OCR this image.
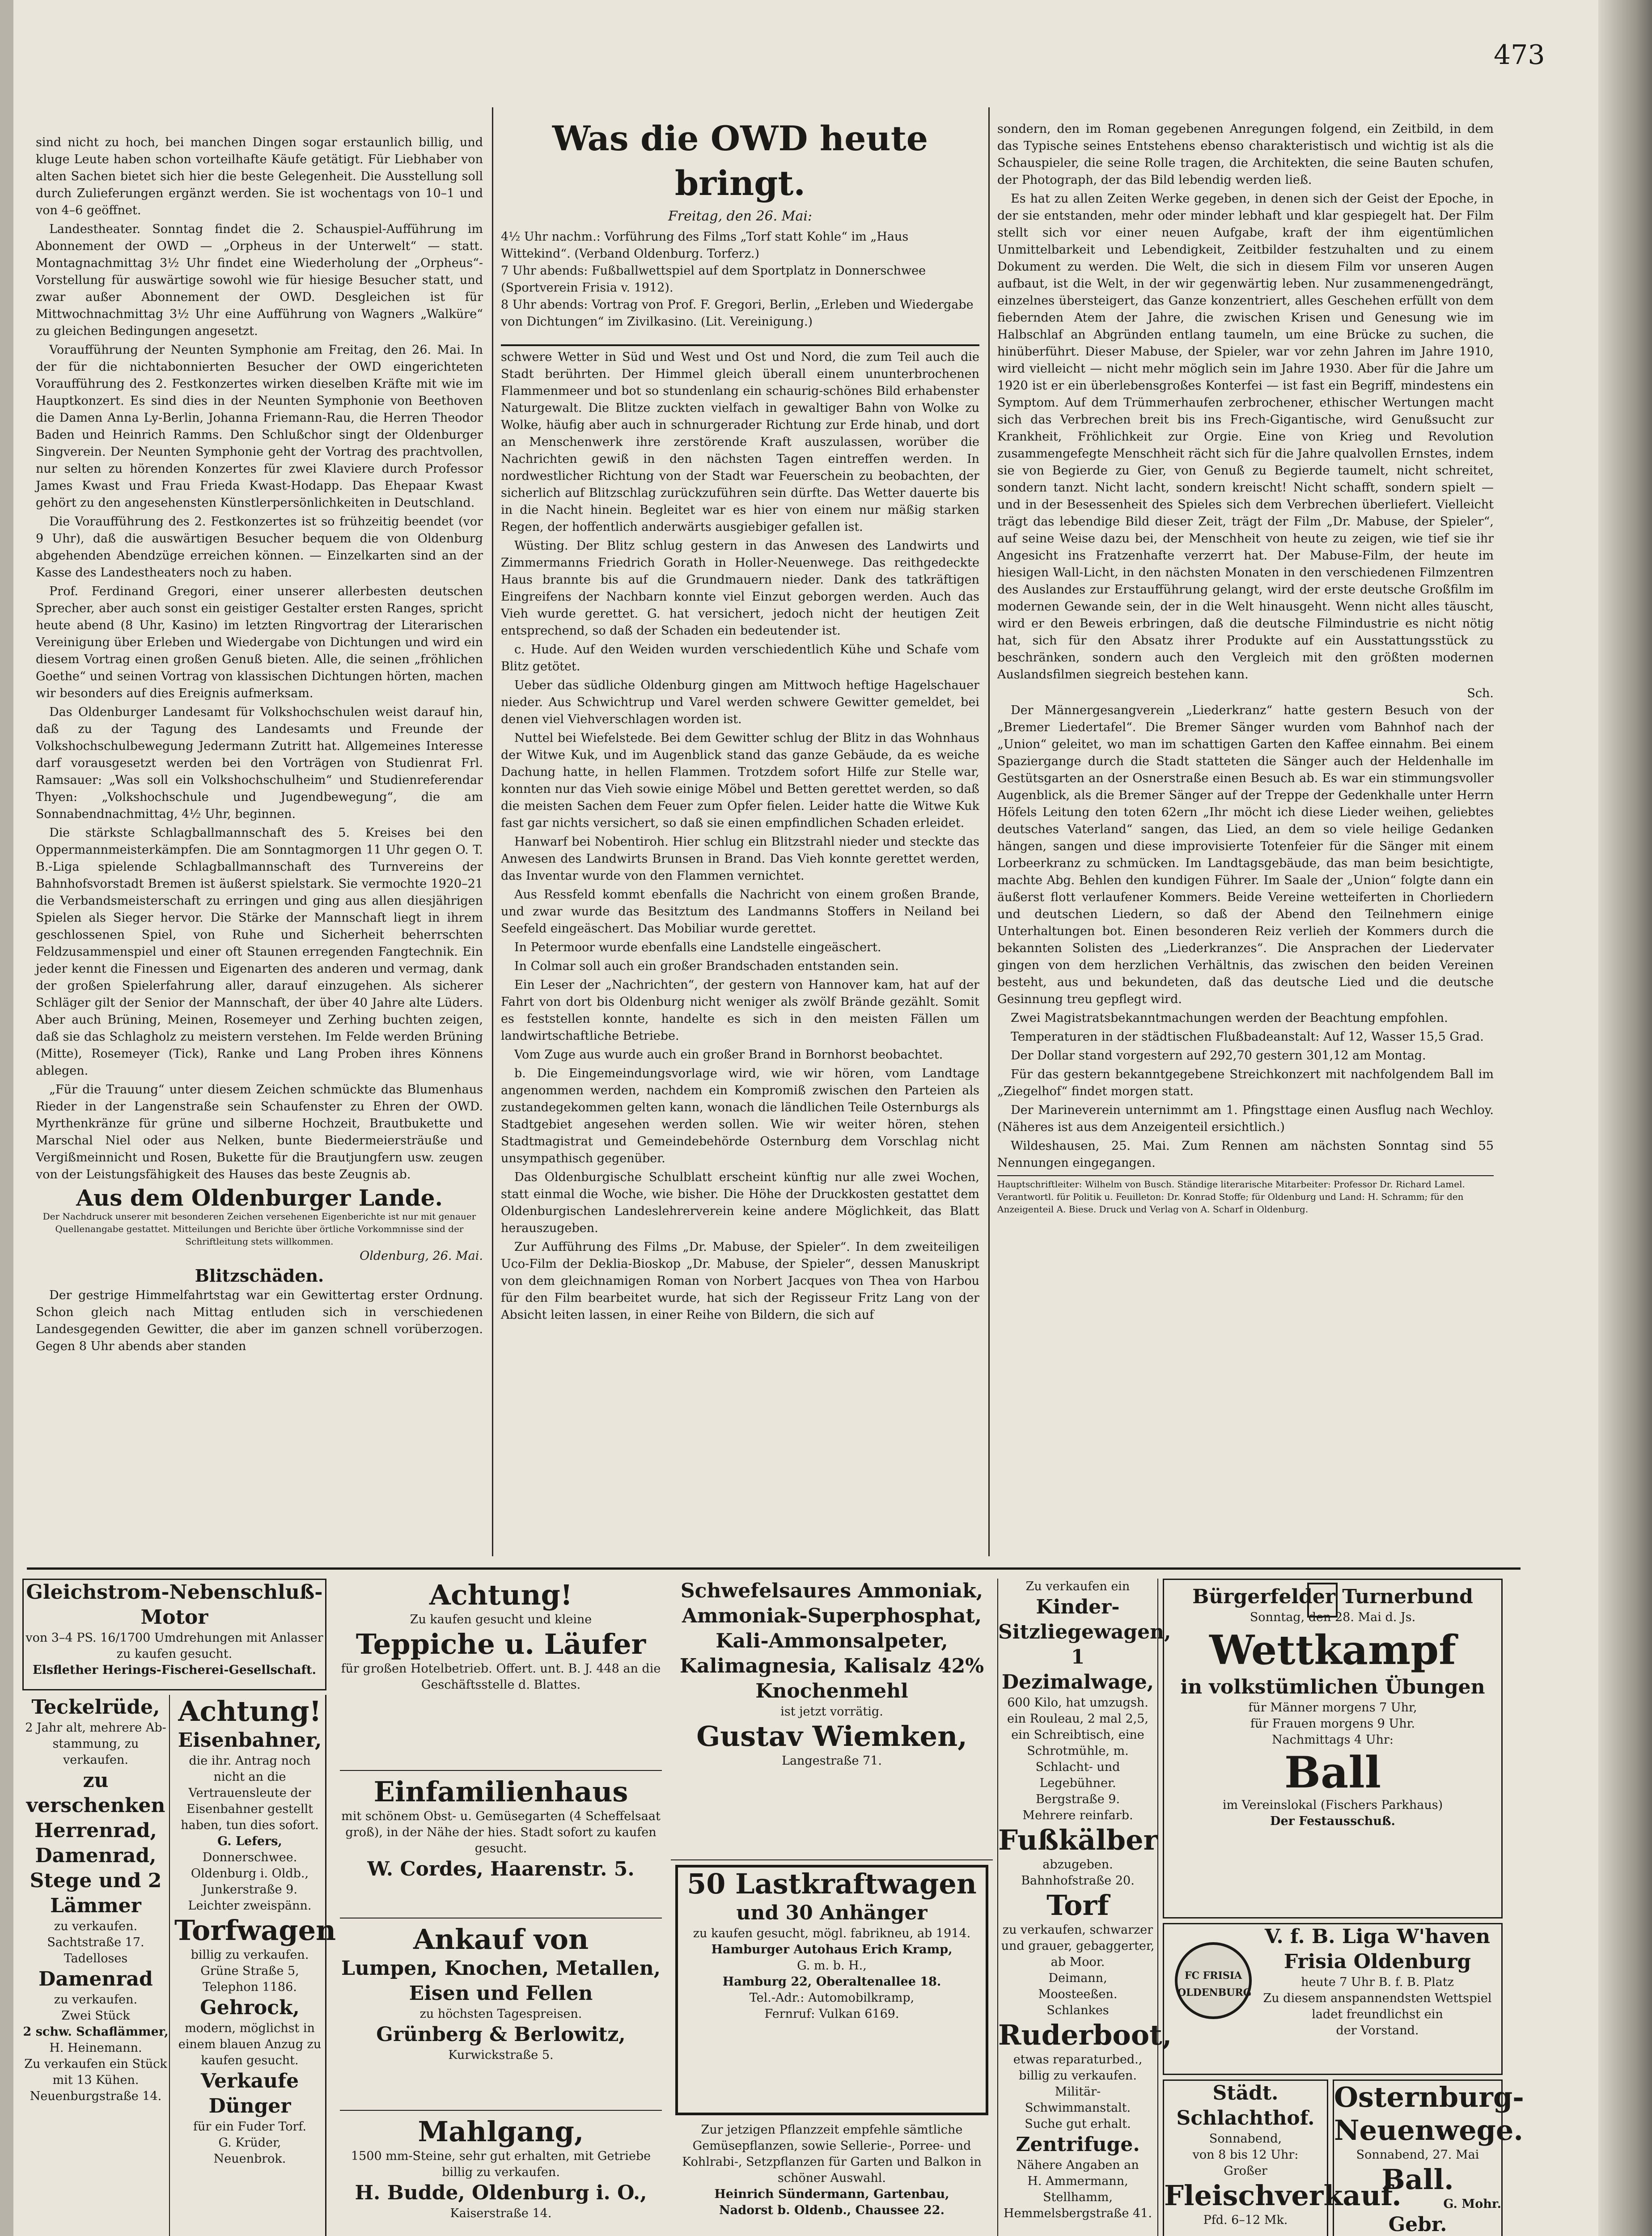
473

sind nicht zu hoch, bei manchen Dingen sogar erstaunlich billig, und kluge Leute haben schon vorteilhafte Käufe getätigt. Für Liebhaber von alten Sachen bietet sich hier die beste Gelegenheit. Die Ausstellung soll durch Zulieferungen ergänzt werden. Sie ist wochentags von 10–1 und von 4–6 geöffnet.

Landestheater. Sonntag findet die 2. Schauspiel-Aufführung im Abonnement der OWD — „Orpheus in der Unterwelt“ — statt. Montagnachmittag 3½ Uhr findet eine Wiederholung der „Orpheus“-Vorstellung für auswärtige sowohl wie für hiesige Besucher statt, und zwar außer Abonnement der OWD. Desgleichen ist für Mittwochnachmittag 3½ Uhr eine Aufführung von Wagners „Walküre“ zu gleichen Bedingungen angesetzt.

Voraufführung der Neunten Symphonie am Freitag, den 26. Mai. In der für die nichtabonnierten Besucher der OWD eingerichteten Voraufführung des 2. Festkonzertes wirken dieselben Kräfte mit wie im Hauptkonzert. Es sind dies in der Neunten Symphonie von Beethoven die Damen Anna Ly-Berlin, Johanna Friemann-Rau, die Herren Theodor Baden und Heinrich Ramms. Den Schlußchor singt der Oldenburger Singverein. Der Neunten Symphonie geht der Vortrag des prachtvollen, nur selten zu hörenden Konzertes für zwei Klaviere durch Professor James Kwast und Frau Frieda Kwast-Hodapp. Das Ehepaar Kwast gehört zu den angesehensten Künstlerpersönlichkeiten in Deutschland.

Die Voraufführung des 2. Festkonzertes ist so frühzeitig beendet (vor 9 Uhr), daß die auswärtigen Besucher bequem die von Oldenburg abgehenden Abendzüge erreichen können. — Einzelkarten sind an der Kasse des Landestheaters noch zu haben.

Prof. Ferdinand Gregori, einer unserer allerbesten deutschen Sprecher, aber auch sonst ein geistiger Gestalter ersten Ranges, spricht heute abend (8 Uhr, Kasino) im letzten Ringvortrag der Literarischen Vereinigung über Erleben und Wiedergabe von Dichtungen und wird ein diesem Vortrag einen großen Genuß bieten. Alle, die seinen „fröhlichen Goethe“ und seinen Vortrag von klassischen Dichtungen hörten, machen wir besonders auf dies Ereignis aufmerksam.

Das Oldenburger Landesamt für Volkshochschulen weist darauf hin, daß zu der Tagung des Landesamts und Freunde der Volkshochschulbewegung Jedermann Zutritt hat. Allgemeines Interesse darf vorausgesetzt werden bei den Vorträgen von Studienrat Frl. Ramsauer: „Was soll ein Volkshochschulheim“ und Studienreferendar Thyen: „Volkshochschule und Jugendbewegung“, die am Sonnabendnachmittag, 4½ Uhr, beginnen.

Die stärkste Schlagballmannschaft des 5. Kreises bei den Oppermannmeisterkämpfen. Die am Sonntagmorgen 11 Uhr gegen O. T. B.-Liga spielende Schlagballmannschaft des Turnvereins der Bahnhofsvorstadt Bremen ist äußerst spielstark. Sie vermochte 1920–21 die Verbandsmeisterschaft zu erringen und ging aus allen diesjährigen Spielen als Sieger hervor. Die Stärke der Mannschaft liegt in ihrem geschlossenen Spiel, von Ruhe und Sicherheit beherrschten Feldzusammenspiel und einer oft Staunen erregenden Fangtechnik. Ein jeder kennt die Finessen und Eigenarten des anderen und vermag, dank der großen Spielerfahrung aller, darauf einzugehen. Als sicherer Schläger gilt der Senior der Mannschaft, der über 40 Jahre alte Lüders. Aber auch Brüning, Meinen, Rosemeyer und Zerhing buchten zeigen, daß sie das Schlagholz zu meistern verstehen. Im Felde werden Brüning (Mitte), Rosemeyer (Tick), Ranke und Lang Proben ihres Könnens ablegen.

„Für die Trauung“ unter diesem Zeichen schmückte das Blumenhaus Rieder in der Langenstraße sein Schaufenster zu Ehren der OWD. Myrthenkränze für grüne und silberne Hochzeit, Brautbukette und Marschal Niel oder aus Nelken, bunte Biedermeiersträuße und Vergißmeinnicht und Rosen, Bukette für die Brautjungfern usw. zeugen von der Leistungsfähigkeit des Hauses das beste Zeugnis ab.

Aus dem Oldenburger Lande.
Der Nachdruck unserer mit besonderen Zeichen versehenen Eigenberichte ist nur mit genauer Quellenangabe gestattet. Mitteilungen und Berichte über örtliche Vorkommnisse sind der Schriftleitung stets willkommen.
Oldenburg, 26. Mai.
Blitzschäden.

Der gestrige Himmelfahrtstag war ein Gewittertag erster Ordnung. Schon gleich nach Mittag entluden sich in verschiedenen Landesgegenden Gewitter, die aber im ganzen schnell vorüberzogen. Gegen 8 Uhr abends aber standen

Was die OWD heute bringt.
Freitag, den 26. Mai:

4½ Uhr nachm.: Vorführung des Films „Torf statt Kohle“ im „Haus Wittekind“. (Verband Oldenburg. Torferz.)

7 Uhr abends: Fußballwettspiel auf dem Sportplatz in Donnerschwee (Sportverein Frisia v. 1912).

8 Uhr abends: Vortrag von Prof. F. Gregori, Berlin, „Erleben und Wiedergabe von Dichtungen“ im Zivilkasino. (Lit. Vereinigung.)

schwere Wetter in Süd und West und Ost und Nord, die zum Teil auch die Stadt berührten. Der Himmel gleich überall einem ununterbrochenen Flammenmeer und bot so stundenlang ein schaurig-schönes Bild erhabenster Naturgewalt. Die Blitze zuckten vielfach in gewaltiger Bahn von Wolke zu Wolke, häufig aber auch in schnurgerader Richtung zur Erde hinab, und dort an Menschenwerk ihre zerstörende Kraft auszulassen, worüber die Nachrichten gewiß in den nächsten Tagen eintreffen werden. In nordwestlicher Richtung von der Stadt war Feuerschein zu beobachten, der sicherlich auf Blitzschlag zurückzuführen sein dürfte. Das Wetter dauerte bis in die Nacht hinein. Begleitet war es hier von einem nur mäßig starken Regen, der hoffentlich anderwärts ausgiebiger gefallen ist.

Wüsting. Der Blitz schlug gestern in das Anwesen des Landwirts und Zimmermanns Friedrich Gorath in Holler-Neuenwege. Das reithgedeckte Haus brannte bis auf die Grundmauern nieder. Dank des tatkräftigen Eingreifens der Nachbarn konnte viel Einzut geborgen werden. Auch das Vieh wurde gerettet. G. hat versichert, jedoch nicht der heutigen Zeit entsprechend, so daß der Schaden ein bedeutender ist.

c. Hude. Auf den Weiden wurden verschiedentlich Kühe und Schafe vom Blitz getötet.

Ueber das südliche Oldenburg gingen am Mittwoch heftige Hagelschauer nieder. Aus Schwichtrup und Varel werden schwere Gewitter gemeldet, bei denen viel Viehverschlagen worden ist.

Nuttel bei Wiefelstede. Bei dem Gewitter schlug der Blitz in das Wohnhaus der Witwe Kuk, und im Augenblick stand das ganze Gebäude, da es weiche Dachung hatte, in hellen Flammen. Trotzdem sofort Hilfe zur Stelle war, konnten nur das Vieh sowie einige Möbel und Betten gerettet werden, so daß die meisten Sachen dem Feuer zum Opfer fielen. Leider hatte die Witwe Kuk fast gar nichts versichert, so daß sie einen empfindlichen Schaden erleidet.

Hanwarf bei Nobentiroh. Hier schlug ein Blitzstrahl nieder und steckte das Anwesen des Landwirts Brunsen in Brand. Das Vieh konnte gerettet werden, das Inventar wurde von den Flammen vernichtet.

Aus Ressfeld kommt ebenfalls die Nachricht von einem großen Brande, und zwar wurde das Besitztum des Landmanns Stoffers in Neiland bei Seefeld eingeäschert. Das Mobiliar wurde gerettet.

In Petermoor wurde ebenfalls eine Landstelle eingeäschert.

In Colmar soll auch ein großer Brandschaden entstanden sein.

Ein Leser der „Nachrichten“, der gestern von Hannover kam, hat auf der Fahrt von dort bis Oldenburg nicht weniger als zwölf Brände gezählt. Somit es feststellen konnte, handelte es sich in den meisten Fällen um landwirtschaftliche Betriebe.

Vom Zuge aus wurde auch ein großer Brand in Bornhorst beobachtet.

b. Die Eingemeindungsvorlage wird, wie wir hören, vom Landtage angenommen werden, nachdem ein Kompromiß zwischen den Parteien als zustandegekommen gelten kann, wonach die ländlichen Teile Osternburgs als Stadtgebiet angesehen werden sollen. Wie wir weiter hören, stehen Stadtmagistrat und Gemeindebehörde Osternburg dem Vorschlag nicht unsympathisch gegenüber.

Das Oldenburgische Schulblatt erscheint künftig nur alle zwei Wochen, statt einmal die Woche, wie bisher. Die Höhe der Druckkosten gestattet dem Oldenburgischen Landeslehrerverein keine andere Möglichkeit, das Blatt herauszugeben.

Zur Aufführung des Films „Dr. Mabuse, der Spieler“. In dem zweiteiligen Uco-Film der Deklia-Bioskop „Dr. Mabuse, der Spieler“, dessen Manuskript von dem gleichnamigen Roman von Norbert Jacques von Thea von Harbou für den Film bearbeitet wurde, hat sich der Regisseur Fritz Lang von der Absicht leiten lassen, in einer Reihe von Bildern, die sich auf

sondern, den im Roman gegebenen Anregungen folgend, ein Zeitbild, in dem das Typische seines Entstehens ebenso charakteristisch und wichtig ist als die Schauspieler, die seine Rolle tragen, die Architekten, die seine Bauten schufen, der Photograph, der das Bild lebendig werden ließ.

Es hat zu allen Zeiten Werke gegeben, in denen sich der Geist der Epoche, in der sie entstanden, mehr oder minder lebhaft und klar gespiegelt hat. Der Film stellt sich vor einer neuen Aufgabe, kraft der ihm eigentümlichen Unmittelbarkeit und Lebendigkeit, Zeitbilder festzuhalten und zu einem Dokument zu werden. Die Welt, die sich in diesem Film vor unseren Augen aufbaut, ist die Welt, in der wir gegenwärtig leben. Nur zusammenengedrängt, einzelnes übersteigert, das Ganze konzentriert, alles Geschehen erfüllt von dem fiebernden Atem der Jahre, die zwischen Krisen und Genesung wie im Halbschlaf an Abgründen entlang taumeln, um eine Brücke zu suchen, die hinüberführt. Dieser Mabuse, der Spieler, war vor zehn Jahren im Jahre 1910, wird vielleicht — nicht mehr möglich sein im Jahre 1930. Aber für die Jahre um 1920 ist er ein überlebensgroßes Konterfei — ist fast ein Begriff, mindestens ein Symptom. Auf dem Trümmerhaufen zerbrochener, ethischer Wertungen macht sich das Verbrechen breit bis ins Frech-Gigantische, wird Genußsucht zur Krankheit, Fröhlichkeit zur Orgie. Eine von Krieg und Revolution zusammengefegte Menschheit rächt sich für die Jahre qualvollen Ernstes, indem sie von Begierde zu Gier, von Genuß zu Begierde taumelt, nicht schreitet, sondern tanzt. Nicht lacht, sondern kreischt! Nicht schafft, sondern spielt — und in der Besessenheit des Spieles sich dem Verbrechen überliefert. Vielleicht trägt das lebendige Bild dieser Zeit, trägt der Film „Dr. Mabuse, der Spieler“, auf seine Weise dazu bei, der Menschheit von heute zu zeigen, wie tief sie ihr Angesicht ins Fratzenhafte verzerrt hat. Der Mabuse-Film, der heute im hiesigen Wall-Licht, in den nächsten Monaten in den verschiedenen Filmzentren des Auslandes zur Erstaufführung gelangt, wird der erste deutsche Großfilm im modernen Gewande sein, der in die Welt hinausgeht. Wenn nicht alles täuscht, wird er den Beweis erbringen, daß die deutsche Filmindustrie es nicht nötig hat, sich für den Absatz ihrer Produkte auf ein Ausstattungsstück zu beschränken, sondern auch den Vergleich mit den größten modernen Auslandsfilmen siegreich bestehen kann.

Sch.

Der Männergesangverein „Liederkranz“ hatte gestern Besuch von der „Bremer Liedertafel“. Die Bremer Sänger wurden vom Bahnhof nach der „Union“ geleitet, wo man im schattigen Garten den Kaffee einnahm. Bei einem Spaziergange durch die Stadt statteten die Sänger auch der Heldenhalle im Gestütsgarten an der Osnerstraße einen Besuch ab. Es war ein stimmungsvoller Augenblick, als die Bremer Sänger auf der Treppe der Gedenkhalle unter Herrn Höfels Leitung den toten 62ern „Ihr möcht ich diese Lieder weihen, geliebtes deutsches Vaterland“ sangen, das Lied, an dem so viele heilige Gedanken hängen, sangen und diese improvisierte Totenfeier für die Sänger mit einem Lorbeerkranz zu schmücken. Im Landtagsgebäude, das man beim besichtigte, machte Abg. Behlen den kundigen Führer. Im Saale der „Union“ folgte dann ein äußerst flott verlaufener Kommers. Beide Vereine wetteiferten in Chorliedern und deutschen Liedern, so daß der Abend den Teilnehmern einige Unterhaltungen bot. Einen besonderen Reiz verlieh der Kommers durch die bekannten Solisten des „Liederkranzes“. Die Ansprachen der Liedervater gingen von dem herzlichen Verhältnis, das zwischen den beiden Vereinen besteht, aus und bekundeten, daß das deutsche Lied und die deutsche Gesinnung treu gepflegt wird.

Zwei Magistratsbekanntmachungen werden der Beachtung empfohlen.

Temperaturen in der städtischen Flußbadeanstalt: Auf 12, Wasser 15,5 Grad.

Der Dollar stand vorgestern auf 292,70 gestern 301,12 am Montag.

Für das gestern bekanntgegebene Streichkonzert mit nachfolgendem Ball im „Ziegelhof“ findet morgen statt.

Der Marineverein unternimmt am 1. Pfingsttage einen Ausflug nach Wechloy. (Näheres ist aus dem Anzeigenteil ersichtlich.)

Wildeshausen, 25. Mai. Zum Rennen am nächsten Sonntag sind 55 Nennungen eingegangen.

Hauptschriftleiter: Wilhelm von Busch. Ständige literarische Mitarbeiter: Professor Dr. Richard Lamel. Verantwortl. für Politik u. Feuilleton: Dr. Konrad Stoffe; für Oldenburg und Land: H. Schramm; für den Anzeigenteil A. Biese. Druck und Verlag von A. Scharf in Oldenburg.
Gleichstrom-Nebenschluß-Motor
von 3–4 PS. 16/1700 Umdrehungen mit Anlasser zu kaufen gesucht.
Elsflether Herings-Fischerei-Gesellschaft.
Teckelrüde,
2 Jahr alt, mehrere Ab-
stammung, zu verkaufen.
zu verschenken
Herrenrad,
Damenrad,
Stege und 2 Lämmer
zu verkaufen.
Sachtstraße 17.
Tadelloses
Damenrad
zu verkaufen.
Zwei Stück
2 schw. Schaflämmer,
H. Heinemann.
Zu verkaufen ein Stück mit 13 Kühen.
Neuenburgstraße 14.
Achtung!
Eisenbahner,
die ihr. Antrag noch nicht an die Vertrauensleute der Eisenbahner gestellt haben, tun dies sofort.
G. Lefers,
Donnerschwee.
Oldenburg i. Oldb.,
Junkerstraße 9.
Leichter zweispänn.
Torfwagen
billig zu verkaufen.
Grüne Straße 5,
Telephon 1186.
Gehrock,
modern, möglichst in einem blauen Anzug zu kaufen gesucht.
Verkaufe Dünger
für ein Fuder Torf.
G. Krüder,
Neuenbrok.
Achtung!
Zu kaufen gesucht und kleine
Teppiche u. Läufer
für großen Hotelbetrieb. Offert. unt. B. J. 448 an die Geschäftsstelle d. Blattes.
Einfamilienhaus
mit schönem Obst- u. Gemüsegarten (4 Scheffelsaat groß), in der Nähe der hies. Stadt sofort zu kaufen gesucht.
W. Cordes, Haarenstr. 5.
Ankauf von
Lumpen, Knochen, Metallen,
Eisen und Fellen
zu höchsten Tagespreisen.
Grünberg & Berlowitz,
Kurwickstraße 5.
Mahlgang,
1500 mm-Steine, sehr gut erhalten, mit Getriebe billig zu verkaufen.
H. Budde, Oldenburg i. O.,
Kaiserstraße 14.
Schwefelsaures Ammoniak,
Ammoniak-Superphosphat,
Kali-Ammonsalpeter,
Kalimagnesia, Kalisalz 42%
Knochenmehl
ist jetzt vorrätig.
Gustav Wiemken,
Langestraße 71.
50 Lastkraftwagen
und 30 Anhänger
zu kaufen gesucht, mögl. fabrikneu, ab 1914.
Hamburger Autohaus Erich Kramp,
G. m. b. H.,
Hamburg 22, Oberaltenallee 18.
Tel.-Adr.: Automobilkramp,
Fernruf: Vulkan 6169.
Zur jetzigen Pflanzzeit empfehle sämtliche Gemüsepflanzen, sowie Sellerie-, Porree- und Kohlrabi-, Setzpflanzen für Garten und Balkon in schöner Auswahl.
Heinrich Sündermann, Gartenbau,
Nadorst b. Oldenb., Chaussee 22.
Zu verkaufen ein
Kinder-
Sitzliegewagen,
1 Dezimalwage,
600 Kilo, hat umzugsh. ein Rouleau, 2 mal 2,5, ein Schreibtisch, eine Schrotmühle, m. Schlacht- und Legebühner.
Bergstraße 9.
Mehrere reinfarb.
Fußkälber
abzugeben.
Bahnhofstraße 20.
Torf
zu verkaufen, schwarzer und grauer, gebaggerter, ab Moor.
Deimann,
Moosteeßen.
Schlankes
Ruderboot,
etwas reparaturbed., billig zu verkaufen.
Militär-
Schwimmanstalt.
Suche gut erhalt.
Zentrifuge.
Nähere Angaben an
H. Ammermann,
Stellhamm,
Hemmelsbergstraße 41.
Bürgerfelder Turnerbund
Sonntag, den 28. Mai d. Js.
Wettkampf
in volkstümlichen Übungen
für Männer morgens 7 Uhr,
für Frauen morgens 9 Uhr.
Nachmittags 4 Uhr:
Ball
im Vereinslokal (Fischers Parkhaus)
Der Festausschuß.
FC FRISIA OLDENBURG
V. f. B. Liga W'haven
Frisia Oldenburg
heute 7 Uhr B. f. B. Platz
Zu diesem anspannendsten Wettspiel ladet freundlichst ein
der Vorstand.
Städt. Schlachthof.
Sonnabend,
von 8 bis 12 Uhr:
Großer
Fleischverkauf.
Pfd. 6–12 Mk.
Osternburg-
Neuenwege.
Sonnabend, 27. Mai
Ball.
G. Mohr.
Gebr.
